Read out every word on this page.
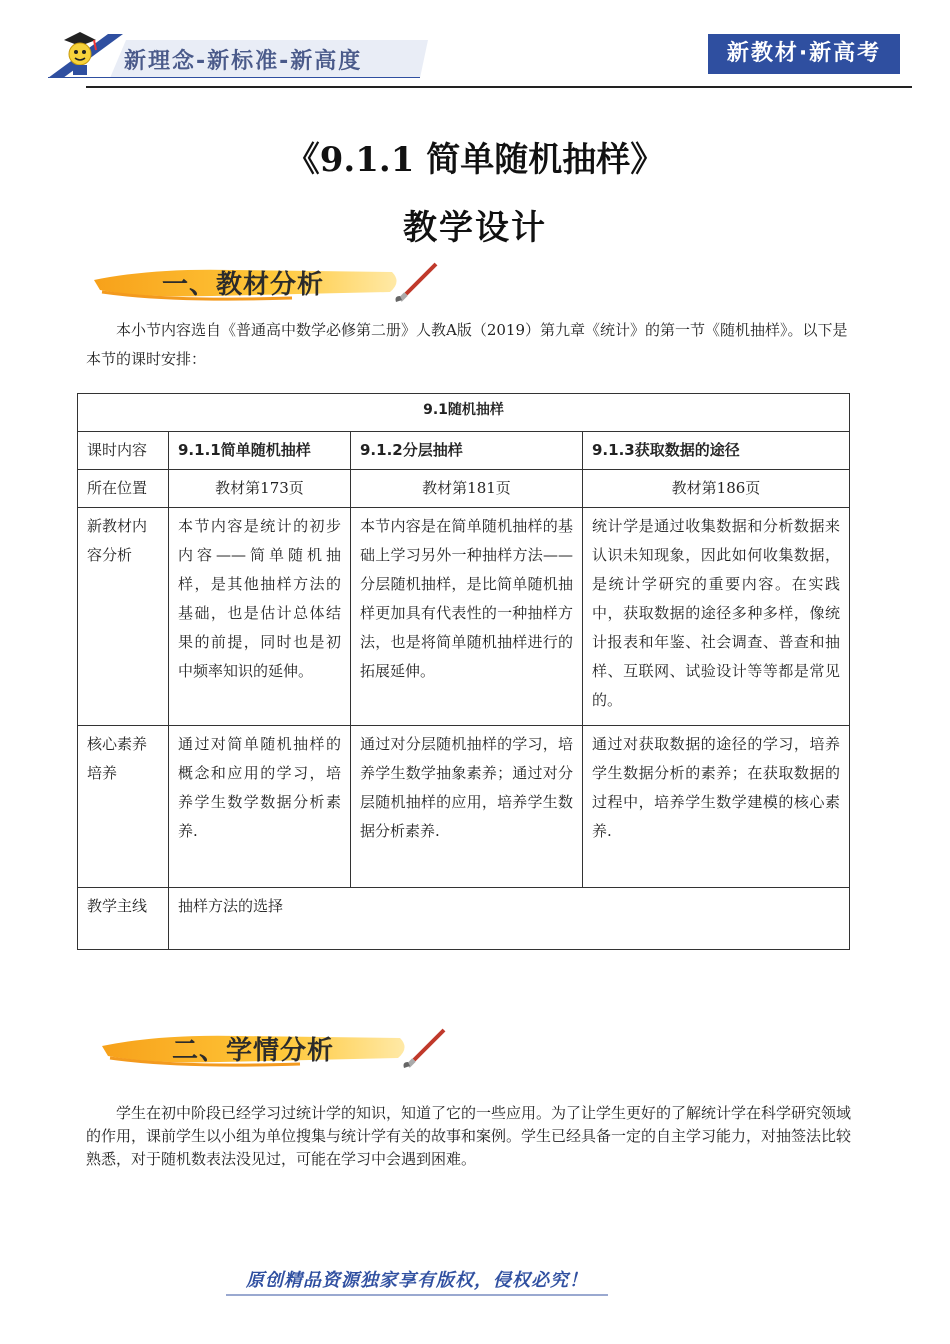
新理念-新标准-新高度	新教材·新高考
《9.1.1 简单随机抽样》
教学设计
一、教材分析
本小节内容选自《普通高中数学必修第二册》人教A版（2019）第九章《统计》的第一节《随机抽样》。以下是本节的课时安排：
9.1随机抽样			
课时内容	9.1.1简单随机抽样	9.1.2分层抽样	9.1.3获取数据的途径
所在位置	教材第173页	教材第181页	教材第186页
新教材内容分析	本节内容是统计的初步内容——简单随机抽样，是其他抽样方法的基础，也是估计总体结果的前提，同时也是初中频率知识的延伸。	本节内容是在简单随机抽样的基础上学习另外一种抽样方法——分层随机抽样，是比简单随机抽样更加具有代表性的一种抽样方法，也是将简单随机抽样进行的拓展延伸。	统计学是通过收集数据和分析数据来认识未知现象，因此如何收集数据，是统计学研究的重要内容。在实践中，获取数据的途径多种多样，像统计报表和年鉴、社会调查、普查和抽样、互联网、试验设计等等都是常见的。
核心素养培养	通过对简单随机抽样的概念和应用的学习，培养学生数学数据分析素养.	通过对分层随机抽样的学习，培养学生数学抽象素养；通过对分层随机抽样的应用，培养学生数据分析素养.	通过对获取数据的途径的学习，培养学生数据分析的素养；在获取数据的过程中，培养学生数学建模的核心素养.
教学主线	抽样方法的选择		
二、学情分析
学生在初中阶段已经学习过统计学的知识，知道了它的一些应用。为了让学生更好的了解统计学在科学研究领域的作用，课前学生以小组为单位搜集与统计学有关的故事和案例。学生已经具备一定的自主学习能力，对抽签法比较熟悉，对于随机数表法没见过，可能在学习中会遇到困难。
原创精品资源独家享有版权，侵权必究！
